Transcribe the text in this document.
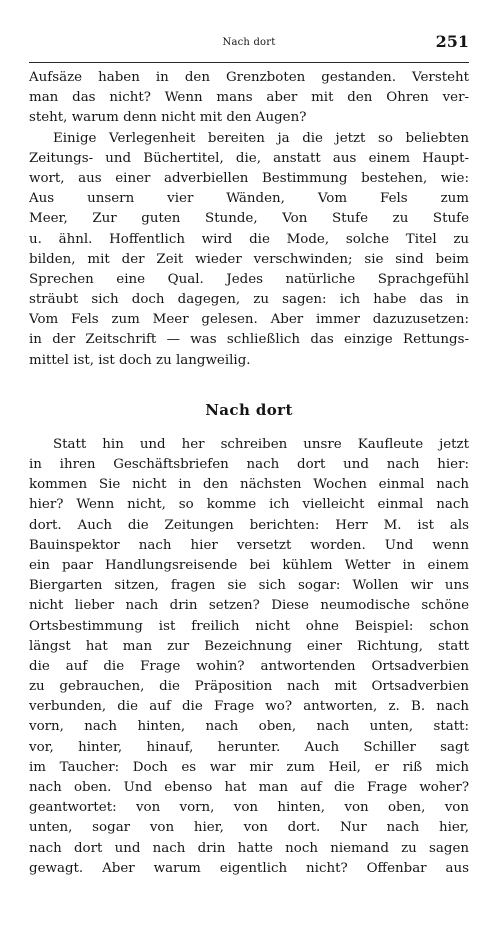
Nach dort	251
Aufsäze haben in den Grenzboten gestanden. Versteht
man das nicht? Wenn mans aber mit den Ohren ver-
steht, warum denn nicht mit den Augen?
Einige Verlegenheit bereiten ja die jetzt so beliebten
Zeitungs- und Büchertitel, die, anstatt aus einem Haupt-
wort, aus einer adverbiellen Bestimmung bestehen, wie:
Aus unsern vier Wänden, Vom Fels zum
Meer, Zur guten Stunde, Von Stufe zu Stufe
u. ähnl. Hoffentlich wird die Mode, solche Titel zu
bilden, mit der Zeit wieder verschwinden; sie sind beim
Sprechen eine Qual. Jedes natürliche Sprachgefühl
sträubt sich doch dagegen, zu sagen: ich habe das in
Vom Fels zum Meer gelesen. Aber immer dazuzusetzen:
in der Zeitschrift — was schließlich das einzige Rettungs-
mittel ist, ist doch zu langweilig.
Nach dort
Statt hin und her schreiben unsre Kaufleute jetzt
in ihren Geschäftsbriefen nach dort und nach hier:
kommen Sie nicht in den nächsten Wochen einmal nach
hier? Wenn nicht, so komme ich vielleicht einmal nach
dort. Auch die Zeitungen berichten: Herr M. ist als
Bauinspektor nach hier versetzt worden. Und wenn
ein paar Handlungsreisende bei kühlem Wetter in einem
Biergarten sitzen, fragen sie sich sogar: Wollen wir uns
nicht lieber nach drin setzen? Diese neumodische schöne
Ortsbestimmung ist freilich nicht ohne Beispiel: schon
längst hat man zur Bezeichnung einer Richtung, statt
die auf die Frage wohin? antwortenden Ortsadverbien
zu gebrauchen, die Präposition nach mit Ortsadverbien
verbunden, die auf die Frage wo? antworten, z. B. nach
vorn, nach hinten, nach oben, nach unten, statt:
vor, hinter, hinauf, herunter. Auch Schiller sagt
im Taucher: Doch es war mir zum Heil, er riß mich
nach oben. Und ebenso hat man auf die Frage woher?
geantwortet: von vorn, von hinten, von oben, von
unten, sogar von hier, von dort. Nur nach hier,
nach dort und nach drin hatte noch niemand zu sagen
gewagt. Aber warum eigentlich nicht? Offenbar aus
